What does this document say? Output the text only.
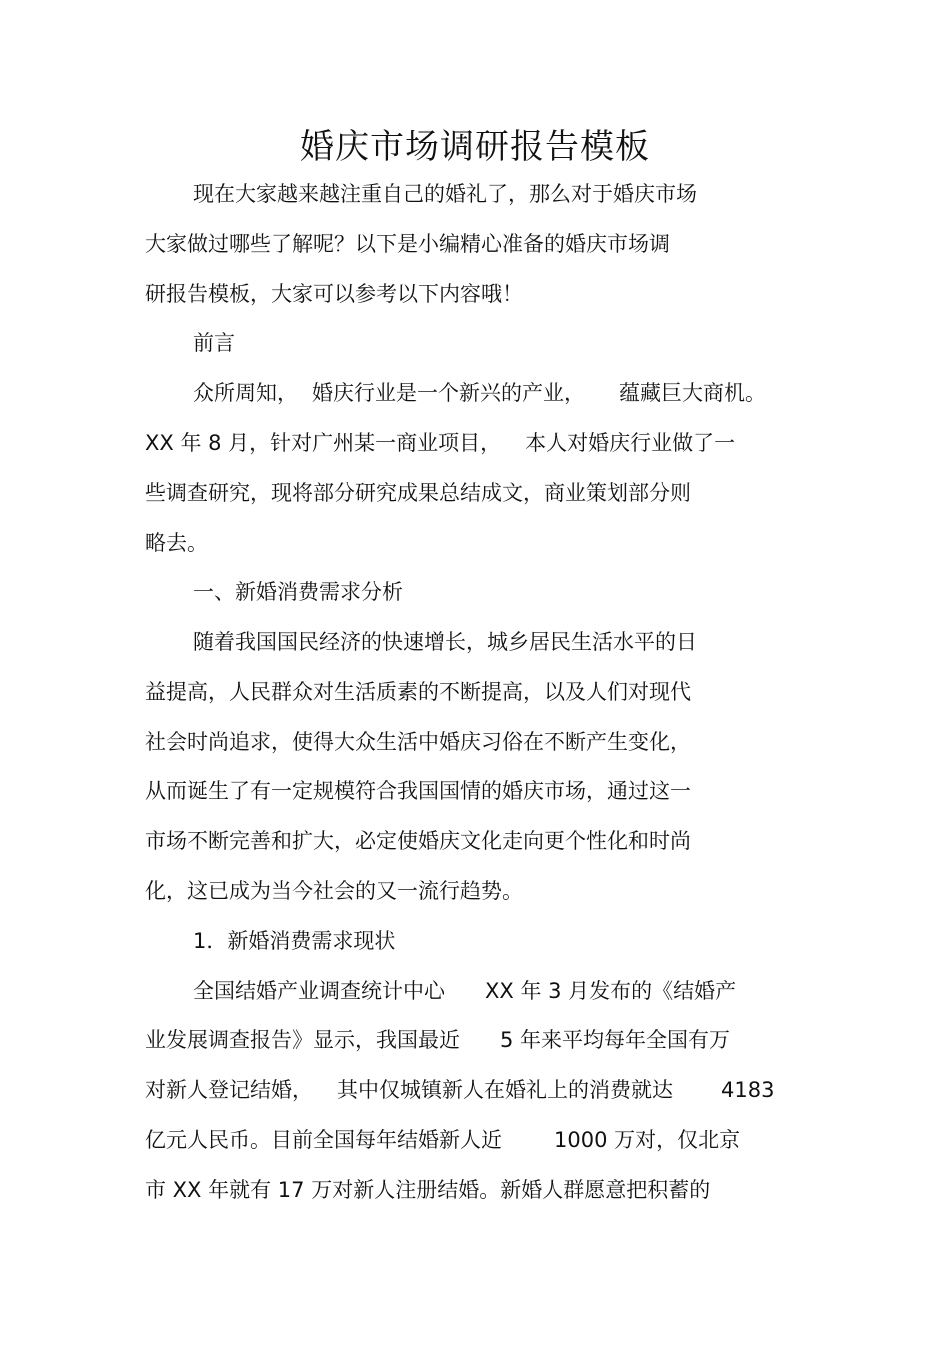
婚庆市场调研报告模板
现在大家越来越注重自己的婚礼了，那么对于婚庆市场
大家做过哪些了解呢？以下是小编精心准备的婚庆市场调
研报告模板，大家可以参考以下内容哦！
前言
众所周知， 婚庆行业是一个新兴的产业， 蕴藏巨大商机。
XX 年 8 月，针对广州某一商业项目， 本人对婚庆行业做了一
些调查研究，现将部分研究成果总结成文，商业策划部分则
略去。
一、新婚消费需求分析
随着我国国民经济的快速增长，城乡居民生活水平的日
益提高，人民群众对生活质素的不断提高，以及人们对现代
社会时尚追求，使得大众生活中婚庆习俗在不断产生变化，
从而诞生了有一定规模符合我国国情的婚庆市场，通过这一
市场不断完善和扩大，必定使婚庆文化走向更个性化和时尚
化，这已成为当今社会的又一流行趋势。
1．新婚消费需求现状
全国结婚产业调查统计中心 XX 年 3 月发布的《结婚产
业发展调查报告》显示，我国最近 5 年来平均每年全国有万
对新人登记结婚， 其中仅城镇新人在婚礼上的消费就达 4183
亿元人民币。目前全国每年结婚新人近 1000 万对，仅北京
市 XX 年就有 17 万对新人注册结婚。新婚人群愿意把积蓄的
